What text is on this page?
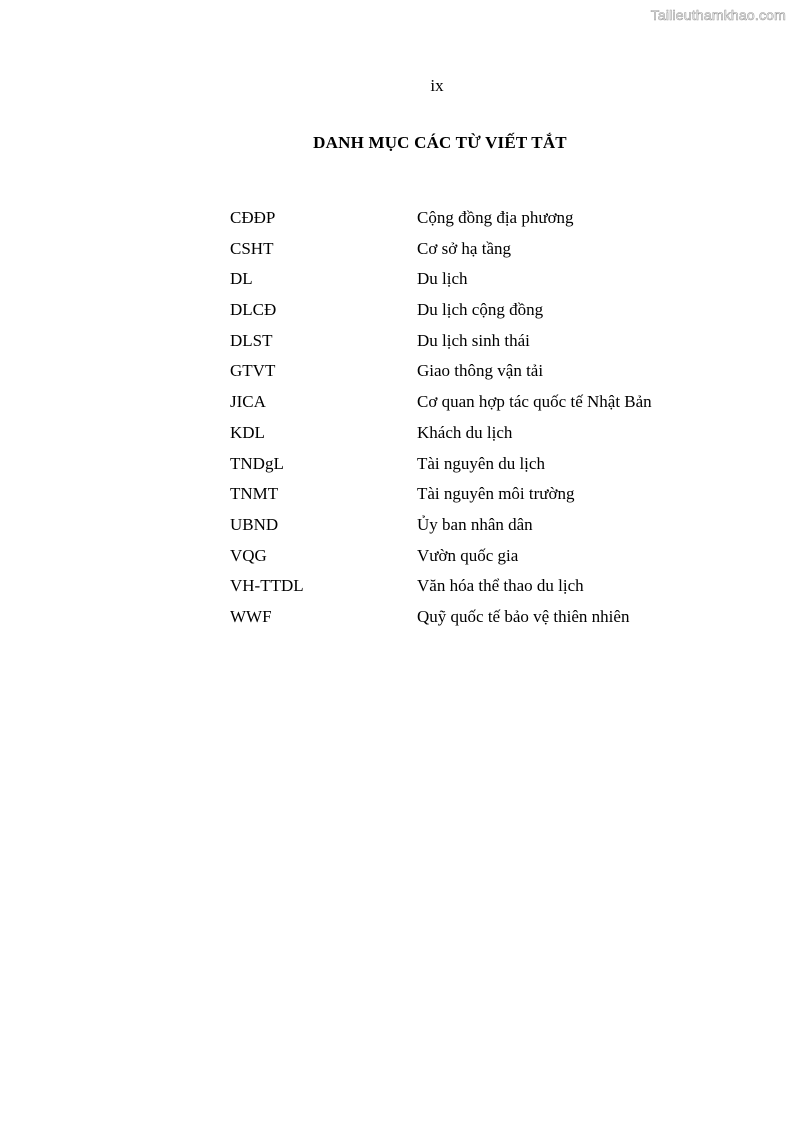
Tailieuthamkhao.com
ix
DANH MỤC CÁC TỪ VIẾT TẮT
CĐĐP	Cộng đồng địa phương
CSHT	Cơ sở hạ tầng
DL	Du lịch
DLCĐ	Du lịch cộng đồng
DLST	Du lịch sinh thái
GTVT	Giao thông vận tải
JICA	Cơ quan hợp tác quốc tế Nhật Bản
KDL	Khách du lịch
TNDgL	Tài nguyên du lịch
TNMT	Tài nguyên môi trường
UBND	Ủy ban nhân dân
VQG	Vườn quốc gia
VH-TTDL	Văn hóa thể thao du lịch
WWF	Quỹ quốc tế bảo vệ thiên nhiên
